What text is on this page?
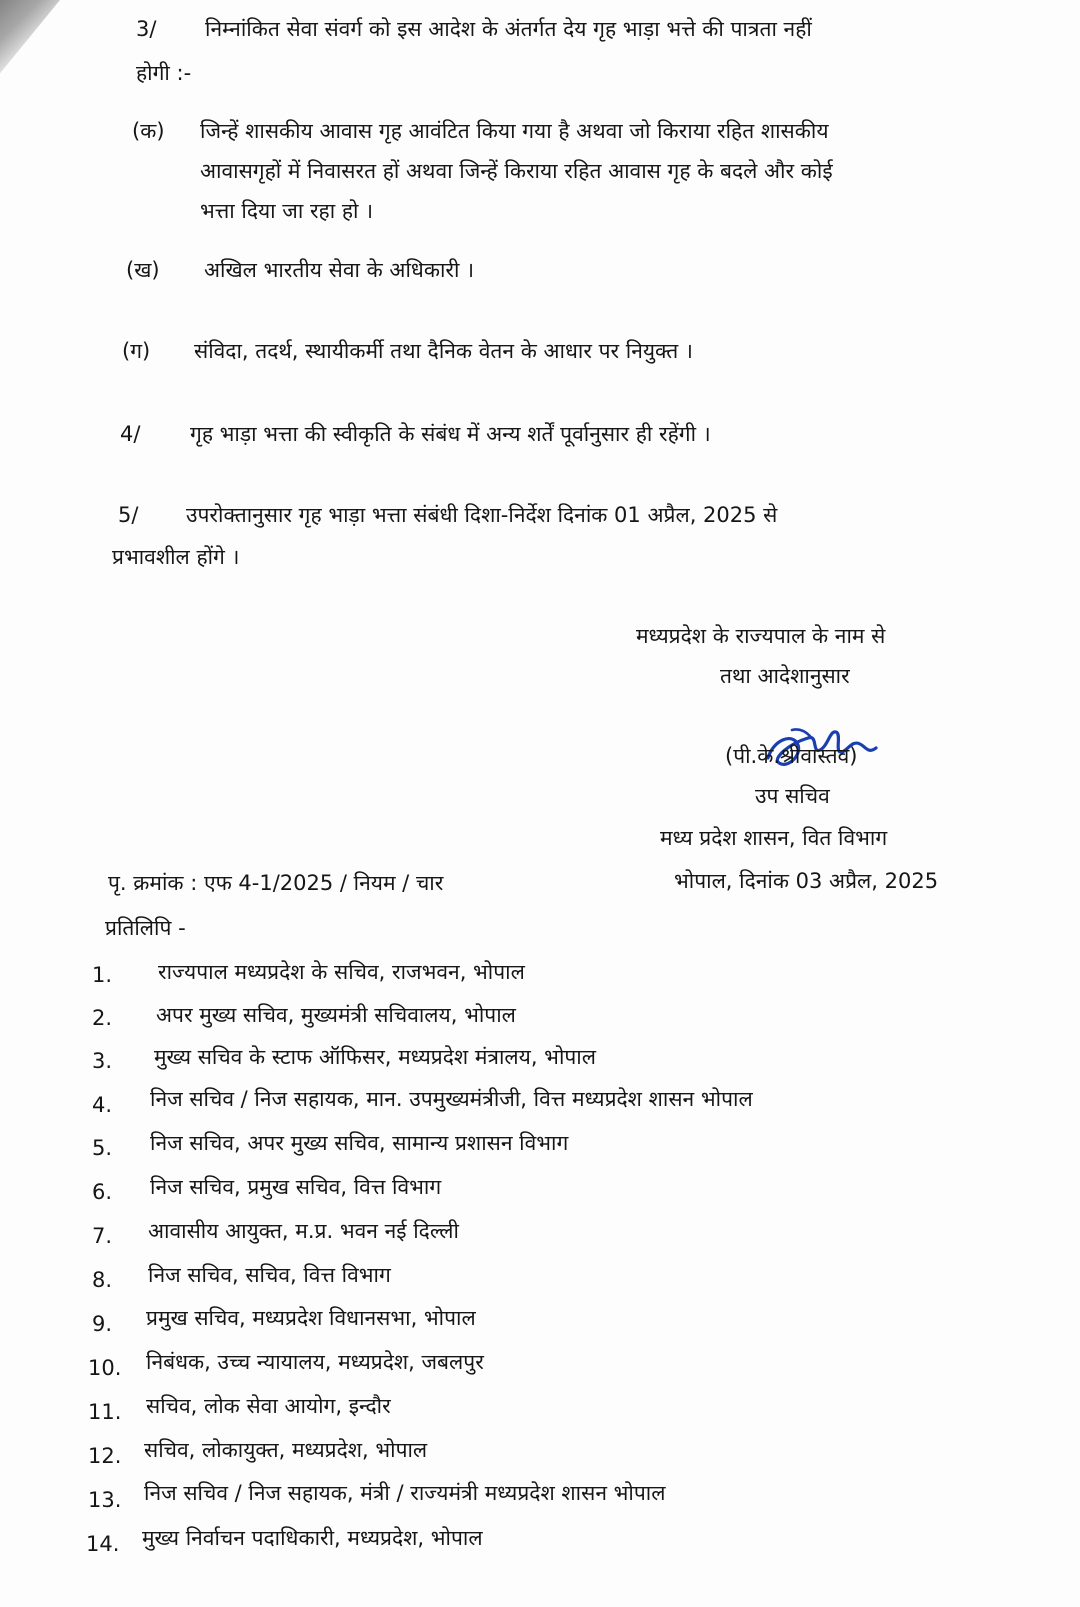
3/ निम्नांकित सेवा संवर्ग को इस आदेश के अंतर्गत देय गृह भाड़ा भत्ते की पात्रता नहीं
होगी :-
(क) जिन्हें शासकीय आवास गृह आवंटित किया गया है अथवा जो किराया रहित शासकीय
आवासगृहों में निवासरत हों अथवा जिन्हें किराया रहित आवास गृह के बदले और कोई
भत्ता दिया जा रहा हो ।
(ख) अखिल भारतीय सेवा के अधिकारी ।
(ग) संविदा, तदर्थ, स्थायीकर्मी तथा दैनिक वेतन के आधार पर नियुक्त ।
4/ गृह भाड़ा भत्ता की स्वीकृति के संबंध में अन्य शर्तें पूर्वानुसार ही रहेंगी ।
5/ उपरोक्तानुसार गृह भाड़ा भत्ता संबंधी दिशा-निर्देश दिनांक 01 अप्रैल, 2025 से
प्रभावशील होंगे ।
मध्यप्रदेश के राज्यपाल के नाम से
तथा आदेशानुसार
(पी.के.श्रीवास्तव)
उप सचिव
मध्य प्रदेश शासन, वित विभाग
पृ. क्रमांक : एफ 4-1/2025 / नियम / चार	भोपाल, दिनांक 03 अप्रैल, 2025
प्रतिलिपि -
1.	राज्यपाल मध्यप्रदेश के सचिव, राजभवन, भोपाल
2.	अपर मुख्य सचिव, मुख्यमंत्री सचिवालय, भोपाल
3.	मुख्य सचिव के स्टाफ ऑफिसर, मध्यप्रदेश मंत्रालय, भोपाल
4.	निज सचिव / निज सहायक, मान. उपमुख्यमंत्रीजी, वित्त मध्यप्रदेश शासन भोपाल
5.	निज सचिव, अपर मुख्य सचिव, सामान्य प्रशासन विभाग
6.	निज सचिव, प्रमुख सचिव, वित्त विभाग
7.	आवासीय आयुक्त, म.प्र. भवन नई दिल्ली
8.	निज सचिव, सचिव, वित्त विभाग
9.	प्रमुख सचिव, मध्यप्रदेश विधानसभा, भोपाल
10.	निबंधक, उच्च न्यायालय, मध्यप्रदेश, जबलपुर
11.	सचिव, लोक सेवा आयोग, इन्दौर
12.	सचिव, लोकायुक्त, मध्यप्रदेश, भोपाल
13.	निज सचिव / निज सहायक, मंत्री / राज्यमंत्री मध्यप्रदेश शासन भोपाल
14.	मुख्य निर्वाचन पदाधिकारी, मध्यप्रदेश, भोपाल
